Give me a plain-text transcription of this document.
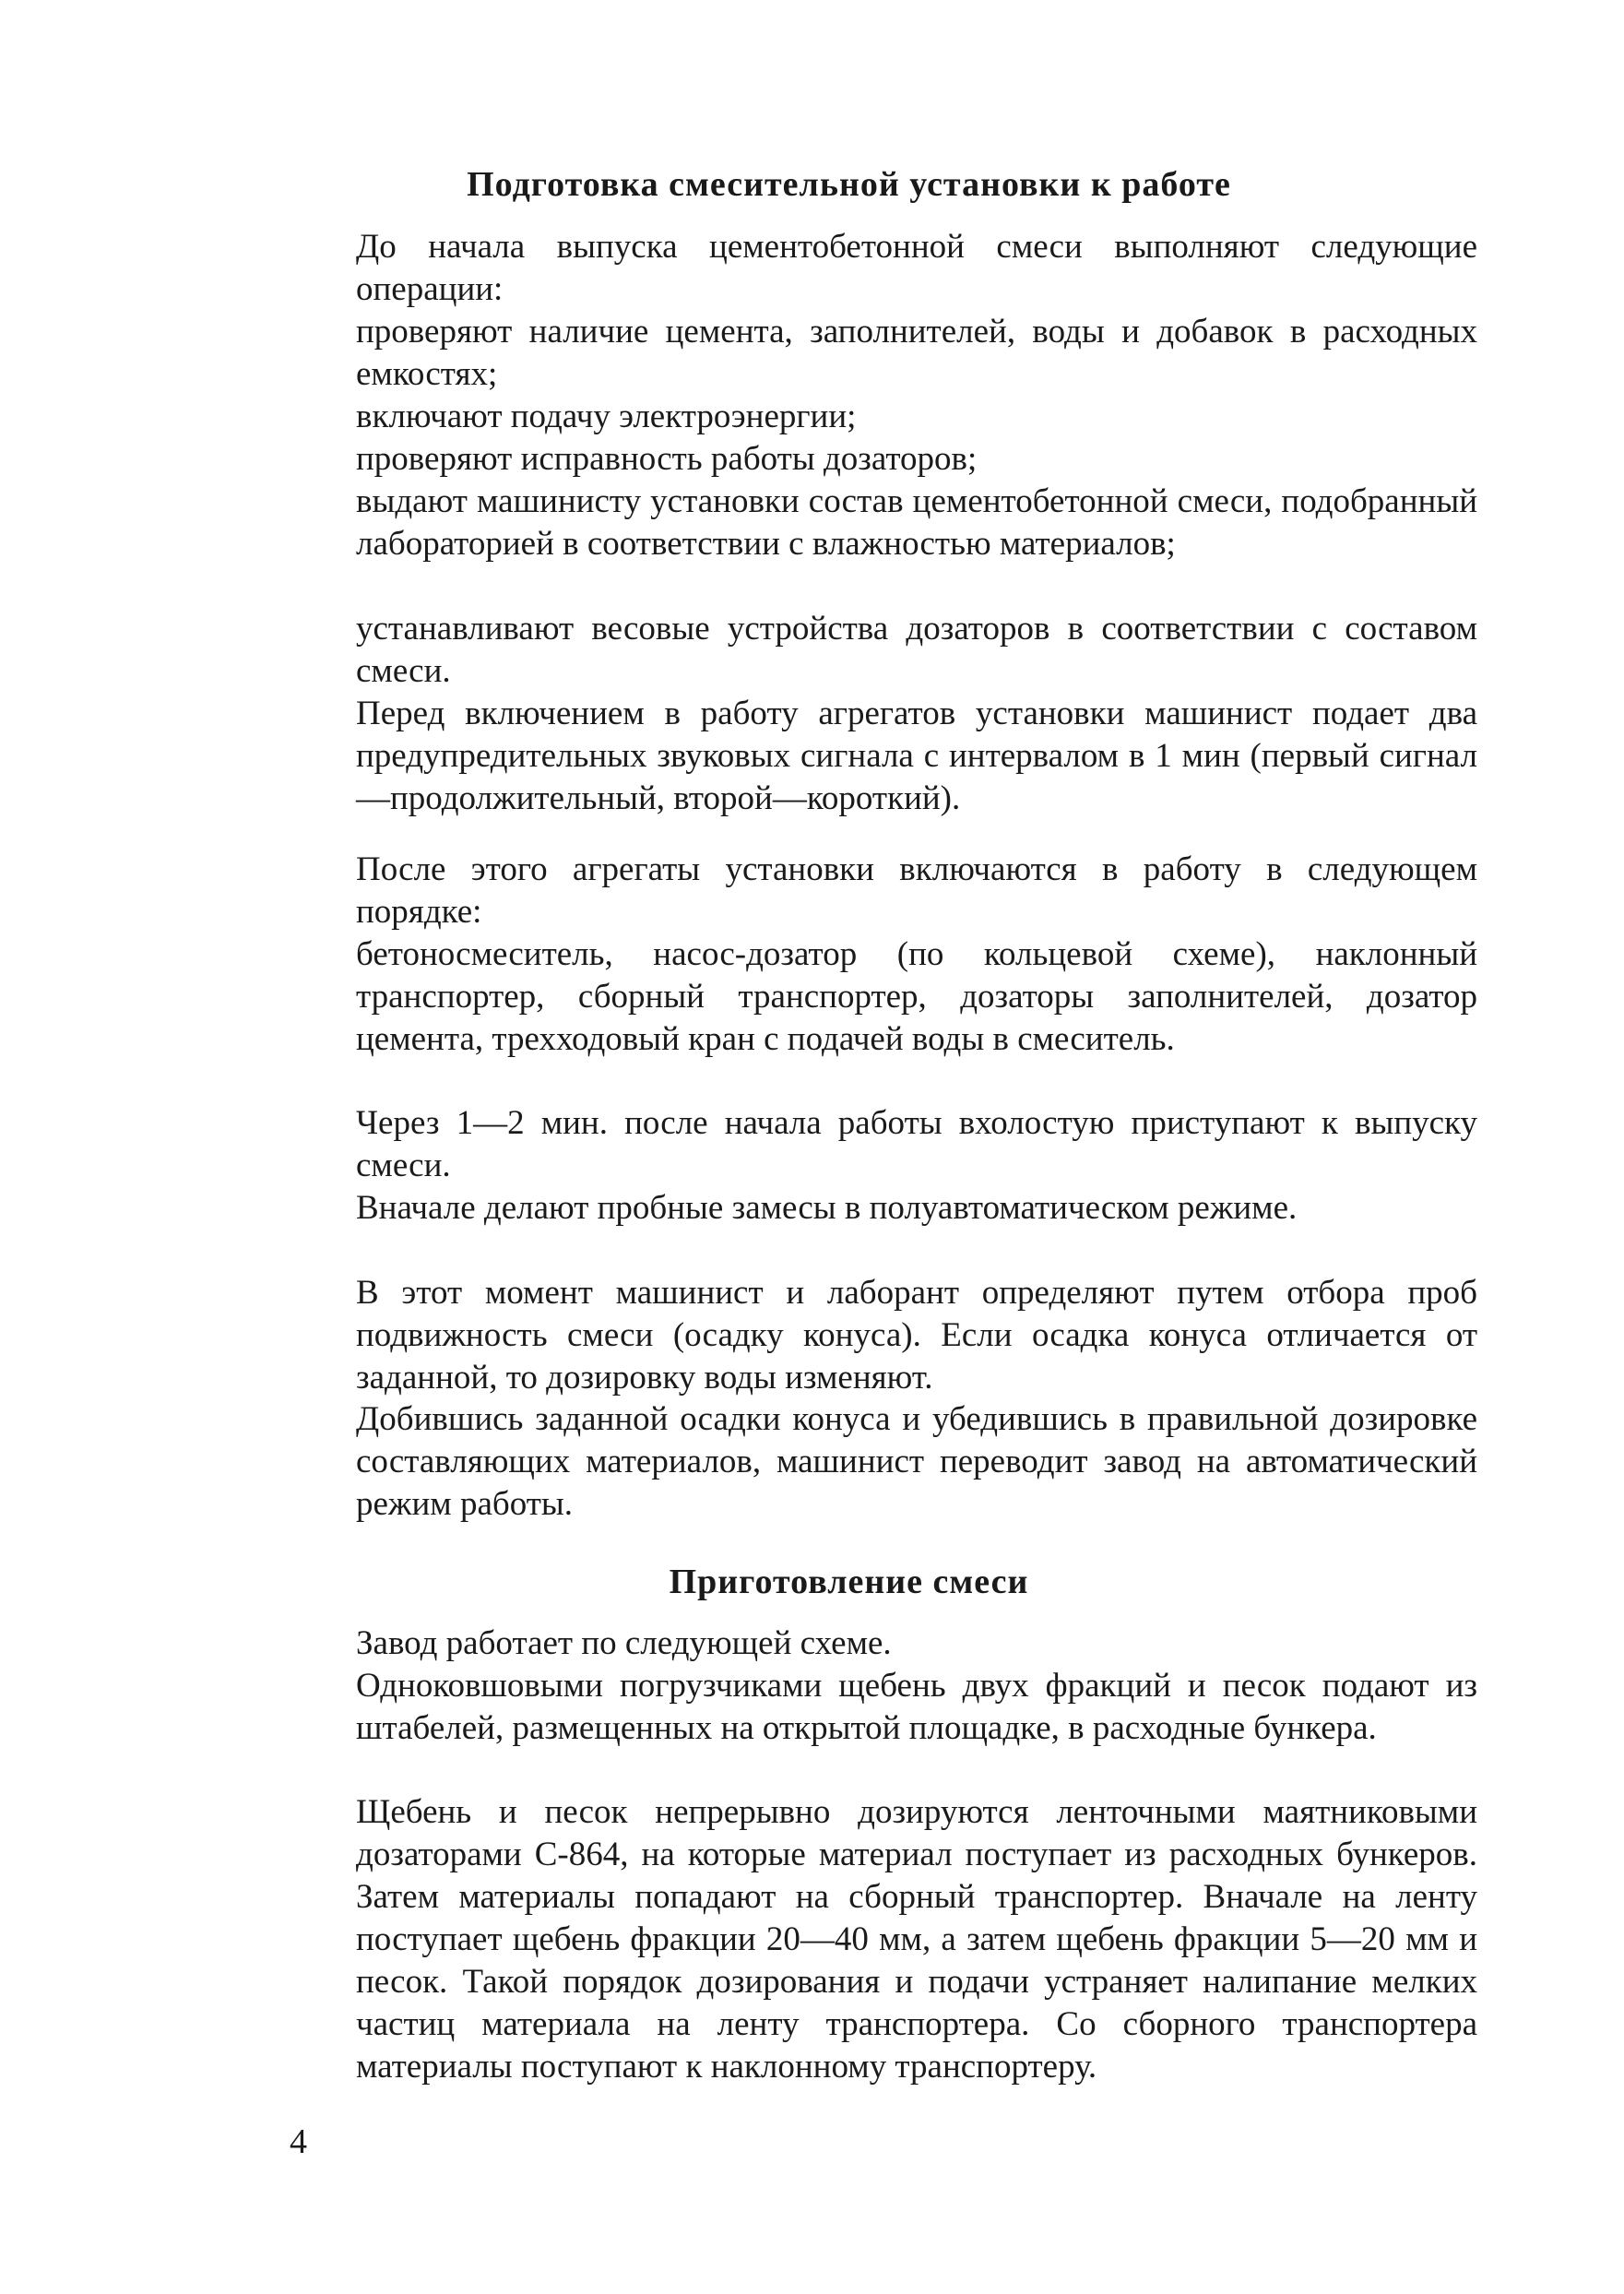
Подготовка смесительной установки к работе

До начала выпуска цементобетонной смеси выполняют следующие операции:

проверяют наличие цемента, заполнителей, воды и добавок в расходных емкостях;

включают подачу электроэнергии;

проверяют исправность работы дозаторов;

выдают машинисту установки состав цементобетонной смеси, подобранный лабораторией в соответствии с влажностью материалов;

устанавливают весовые устройства дозаторов в соответствии с составом смеси.

Перед включением в работу агрегатов установки машинист подает два предупредительных звуковых сигнала с интервалом в 1 мин (первый сигнал—продолжительный, второй—короткий).

После этого агрегаты установки включаются в работу в следующем порядке:

бетоносмеситель, насос-дозатор (по кольцевой схеме), наклонный транспортер, сборный транспортер, дозаторы заполнителей, дозатор цемента, трехходовый кран с подачей воды в смеситель.

Через 1—2 мин. после начала работы вхолостую приступают к выпуску смеси.

Вначале делают пробные замесы в полуавтоматическом режиме.

В этот момент машинист и лаборант определяют путем отбора проб подвижность смеси (осадку конуса). Если осадка конуса отличается от заданной, то дозировку воды изменяют.

Добившись заданной осадки конуса и убедившись в правильной дозировке составляющих материалов, машинист переводит завод на автоматический режим работы.

Приготовление смеси

Завод работает по следующей схеме.

Одноковшовыми погрузчиками щебень двух фракций и песок подают из штабелей, размещенных на открытой площадке, в расходные бункера.

Щебень и песок непрерывно дозируются ленточными маятниковыми дозаторами С-864, на которые материал поступает из расходных бункеров. Затем материалы попадают на сборный транспортер. Вначале на ленту поступает щебень фракции 20—40 мм, а затем щебень фракции 5—20 мм и песок. Такой порядок дозирования и подачи устраняет налипание мелких частиц материала на ленту транспортера. Со сборного транспортера материалы поступают к наклонному транспортеру.

4
